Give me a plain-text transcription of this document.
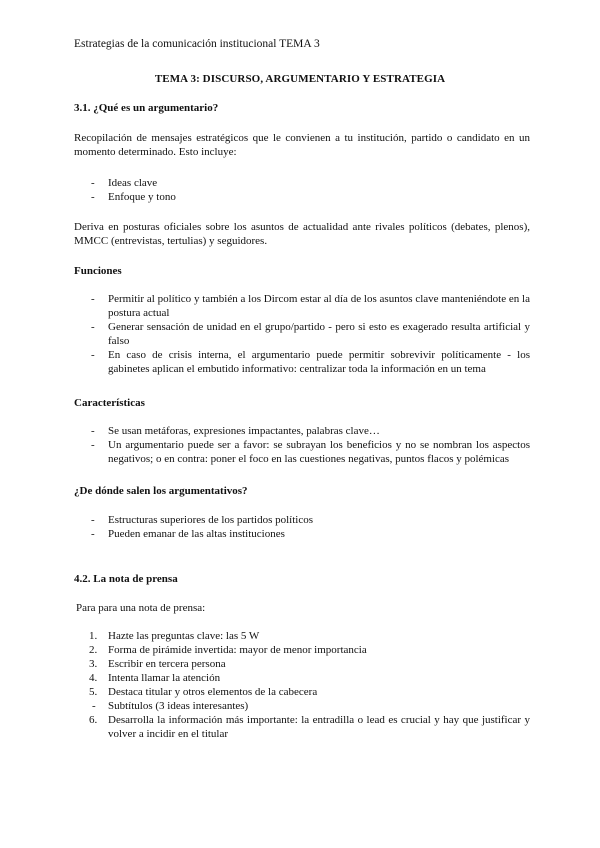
Estrategias de la comunicación institucional TEMA 3
TEMA 3: DISCURSO, ARGUMENTARIO Y ESTRATEGIA
3.1. ¿Qué es un argumentario?
Recopilación de mensajes estratégicos que le convienen a tu institución, partido o candidato en un momento determinado. Esto incluye:
- Ideas clave
- Enfoque y tono
Deriva en posturas oficiales sobre los asuntos de actualidad ante rivales políticos (debates, plenos), MMCC (entrevistas, tertulias) y seguidores.
Funciones
- Permitir al político y también a los Dircom estar al día de los asuntos clave manteniéndote en la postura actual
- Generar sensación de unidad en el grupo/partido - pero si esto es exagerado resulta artificial y falso
- En caso de crisis interna, el argumentario puede permitir sobrevivir políticamente - los gabinetes aplican el embutido informativo: centralizar toda la información en un tema
Características
- Se usan metáforas, expresiones impactantes, palabras clave…
- Un argumentario puede ser a favor: se subrayan los beneficios y no se nombran los aspectos negativos; o en contra: poner el foco en las cuestiones negativas, puntos flacos y polémicas
¿De dónde salen los argumentativos?
- Estructuras superiores de los partidos políticos
- Pueden emanar de las altas instituciones
4.2. La nota de prensa
Para para una nota de prensa:
1. Hazte las preguntas clave: las 5 W
2. Forma de pirámide invertida: mayor de menor importancia
3. Escribir en tercera persona
4. Intenta llamar la atención
5. Destaca titular y otros elementos de la cabecera
- Subtítulos (3 ideas interesantes)
6. Desarrolla la información más importante: la entradilla o lead es crucial y hay que justificar y volver a incidir en el titular
